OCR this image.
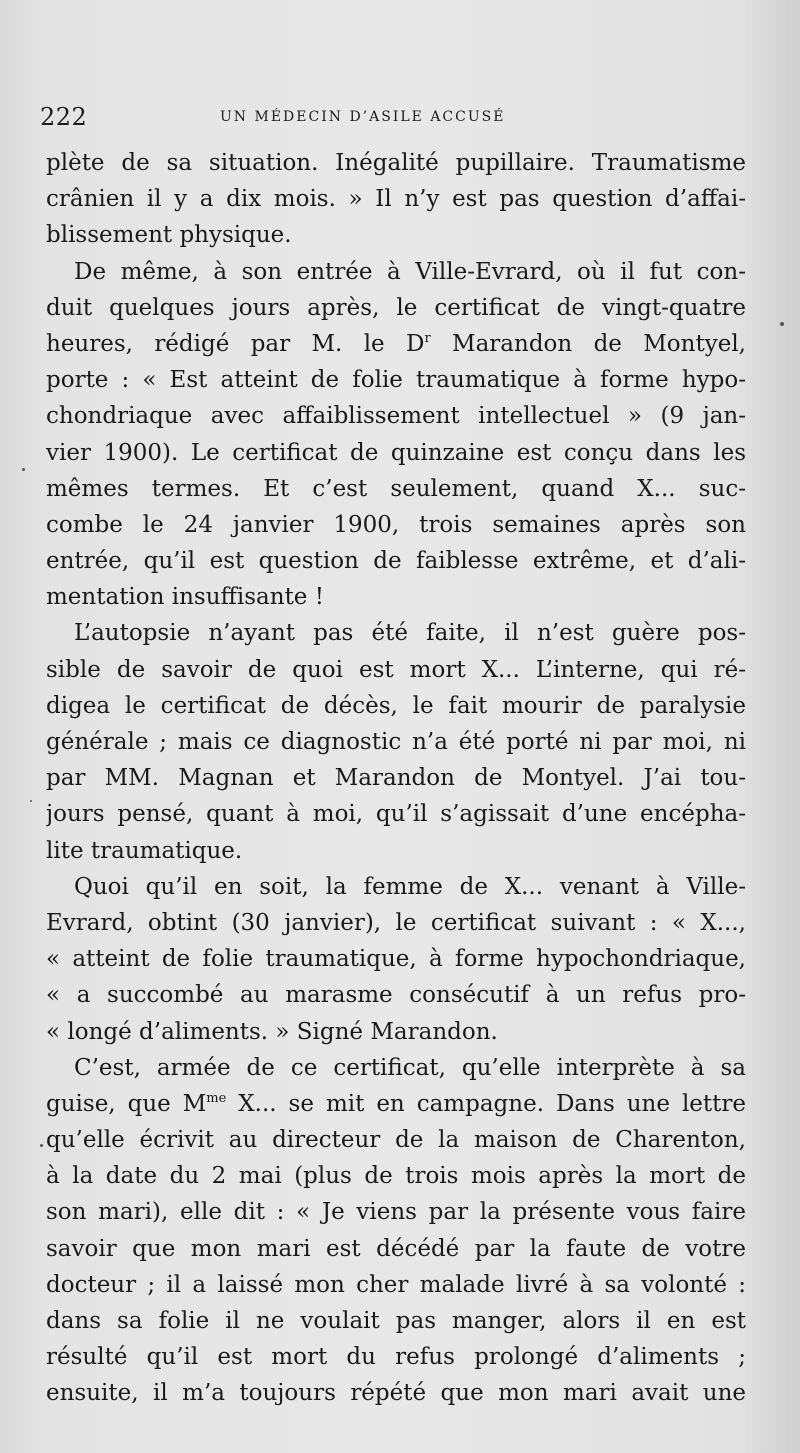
222	UN MÉDECIN D’ASILE ACCUSÉ
plète de sa situation. Inégalité pupillaire. Traumatisme
crânien il y a dix mois. » Il n’y est pas question d’affai-
blissement physique.
De même, à son entrée à Ville-Evrard, où il fut con-
duit quelques jours après, le certificat de vingt-quatre
heures, rédigé par M. le $D^r$ Marandon de Montyel,
porte : « Est atteint de folie traumatique à forme hypo-
chondriaque avec affaiblissement intellectuel » (9 jan-
vier 1900). Le certificat de quinzaine est conçu dans les
mêmes termes. Et c’est seulement, quand X... suc-
combe le 24 janvier 1900, trois semaines après son
entrée, qu’il est question de faiblesse extrême, et d’ali-
mentation insuffisante !
L’autopsie n’ayant pas été faite, il n’est guère pos-
sible de savoir de quoi est mort X... L’interne, qui ré-
digea le certificat de décès, le fait mourir de paralysie
générale ; mais ce diagnostic n’a été porté ni par moi, ni
par MM. Magnan et Marandon de Montyel. J’ai tou-
jours pensé, quant à moi, qu’il s’agissait d’une encépha-
lite traumatique.
Quoi qu’il en soit, la femme de X... venant à Ville-
Evrard, obtint (30 janvier), le certificat suivant : « X...,
« atteint de folie traumatique, à forme hypochondriaque,
« a succombé au marasme consécutif à un refus pro-
« longé d’aliments. » Signé Marandon.
C’est, armée de ce certificat, qu’elle interprète à sa
guise, que $M^{me}$ X... se mit en campagne. Dans une lettre
qu’elle écrivit au directeur de la maison de Charenton,
à la date du 2 mai (plus de trois mois après la mort de
son mari), elle dit : « Je viens par la présente vous faire
savoir que mon mari est décédé par la faute de votre
docteur ; il a laissé mon cher malade livré à sa volonté :
dans sa folie il ne voulait pas manger, alors il en est
résulté qu’il est mort du refus prolongé d’aliments ;
ensuite, il m’a toujours répété que mon mari avait une
